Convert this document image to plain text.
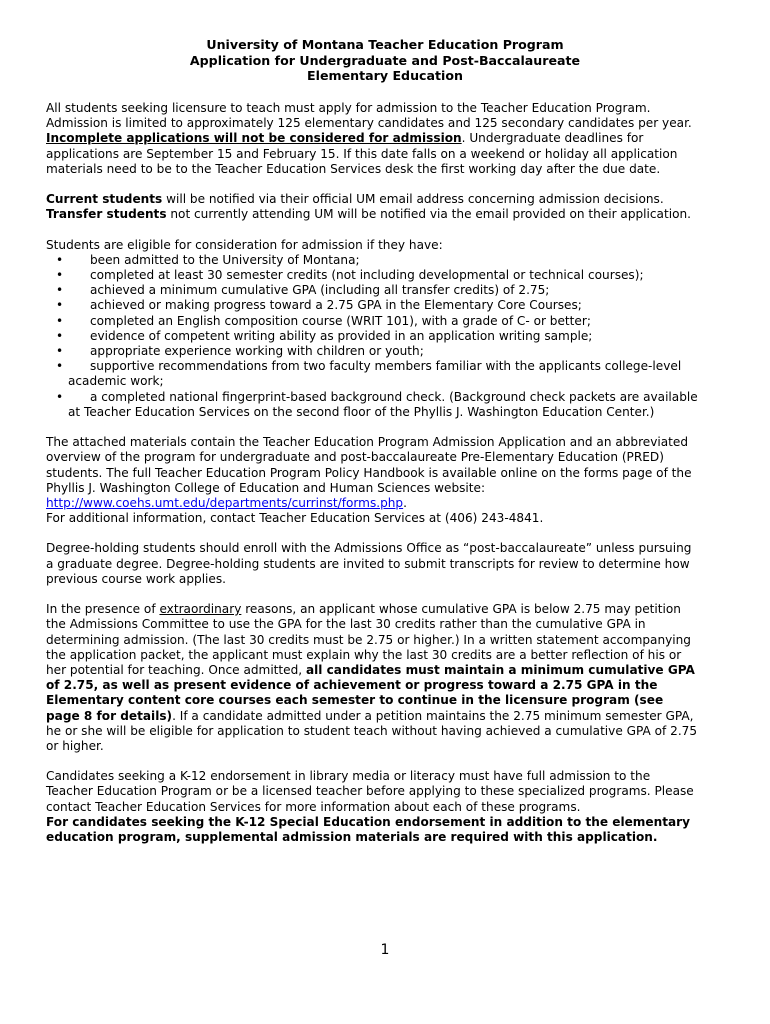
University of Montana Teacher Education Program
Application for Undergraduate and Post-Baccalaureate
Elementary Education
All students seeking licensure to teach must apply for admission to the Teacher Education Program.
Admission is limited to approximately 125 elementary candidates and 125 secondary candidates per year.
Incomplete applications will not be considered for admission. Undergraduate deadlines for
applications are September 15 and February 15. If this date falls on a weekend or holiday all application
materials need to be to the Teacher Education Services desk the first working day after the due date.
Current students will be notified via their official UM email address concerning admission decisions.
Transfer students not currently attending UM will be notified via the email provided on their application.
Students are eligible for consideration for admission if they have:
• been admitted to the University of Montana;
• completed at least 30 semester credits (not including developmental or technical courses);
• achieved a minimum cumulative GPA (including all transfer credits) of 2.75;
• achieved or making progress toward a 2.75 GPA in the Elementary Core Courses;
• completed an English composition course (WRIT 101), with a grade of C- or better;
• evidence of competent writing ability as provided in an application writing sample;
• appropriate experience working with children or youth;
• supportive recommendations from two faculty members familiar with the applicants college-level
academic work;
• a completed national fingerprint-based background check. (Background check packets are available
at Teacher Education Services on the second floor of the Phyllis J. Washington Education Center.)
The attached materials contain the Teacher Education Program Admission Application and an abbreviated
overview of the program for undergraduate and post-baccalaureate Pre-Elementary Education (PRED)
students. The full Teacher Education Program Policy Handbook is available online on the forms page of the
Phyllis J. Washington College of Education and Human Sciences website:
http://www.coehs.umt.edu/departments/currinst/forms.php.
For additional information, contact Teacher Education Services at (406) 243-4841.
Degree-holding students should enroll with the Admissions Office as “post-baccalaureate” unless pursuing
a graduate degree. Degree-holding students are invited to submit transcripts for review to determine how
previous course work applies.
In the presence of extraordinary reasons, an applicant whose cumulative GPA is below 2.75 may petition
the Admissions Committee to use the GPA for the last 30 credits rather than the cumulative GPA in
determining admission. (The last 30 credits must be 2.75 or higher.) In a written statement accompanying
the application packet, the applicant must explain why the last 30 credits are a better reflection of his or
her potential for teaching. Once admitted, all candidates must maintain a minimum cumulative GPA
of 2.75, as well as present evidence of achievement or progress toward a 2.75 GPA in the
Elementary content core courses each semester to continue in the licensure program (see
page 8 for details). If a candidate admitted under a petition maintains the 2.75 minimum semester GPA,
he or she will be eligible for application to student teach without having achieved a cumulative GPA of 2.75
or higher.
Candidates seeking a K-12 endorsement in library media or literacy must have full admission to the
Teacher Education Program or be a licensed teacher before applying to these specialized programs. Please
contact Teacher Education Services for more information about each of these programs.
For candidates seeking the K-12 Special Education endorsement in addition to the elementary
education program, supplemental admission materials are required with this application.
1
